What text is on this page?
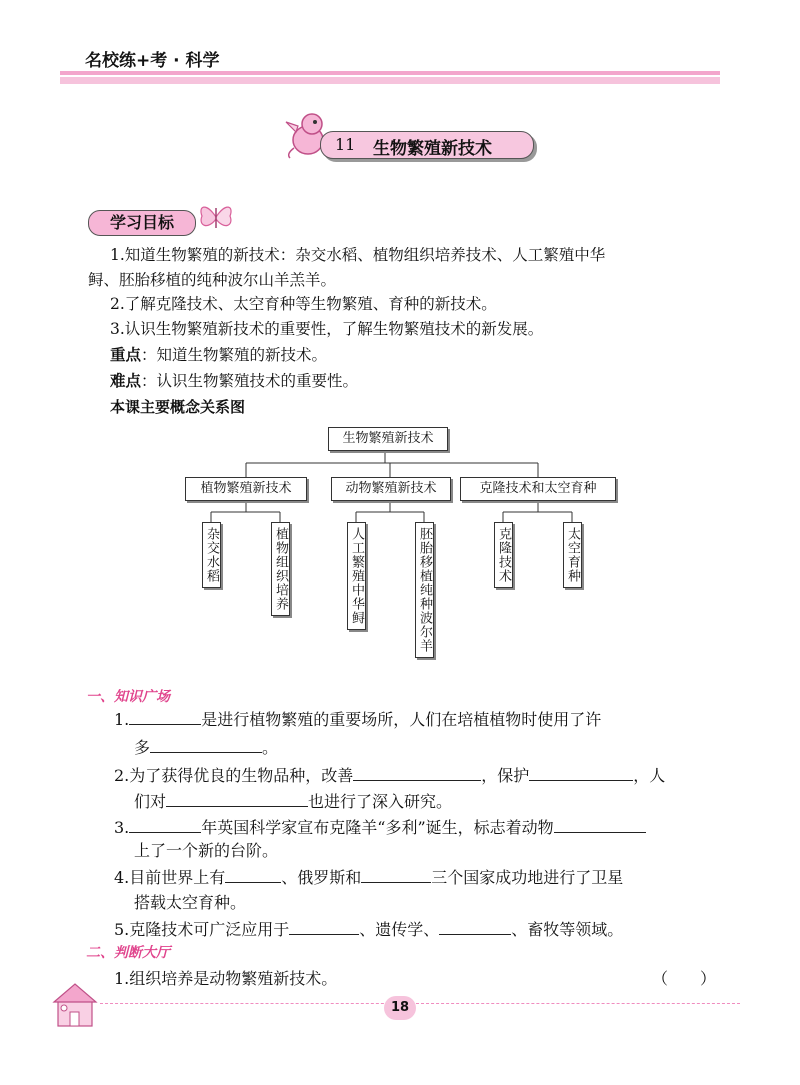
名校练+考 · 科学
11 生物繁殖新技术
学习目标
1.知道生物繁殖的新技术：杂交水稻、植物组织培养技术、人工繁殖中华
鲟、胚胎移植的纯种波尔山羊羔羊。
2.了解克隆技术、太空育种等生物繁殖、育种的新技术。
3.认识生物繁殖新技术的重要性，了解生物繁殖技术的新发展。
重点：知道生物繁殖的新技术。
难点：认识生物繁殖技术的重要性。
本课主要概念关系图
生物繁殖新技术
植物繁殖新技术	动物繁殖新技术	克隆技术和太空育种
杂交水稻	植物组织培养	人工繁殖中华鲟	胚胎移植纯种波尔羊	克隆技术	太空育种
一、知识广场
1.	是进行植物繁殖的重要场所，人们在培植植物时使用了许
多	。
2.为了获得优良的生物品种，改善	，保护	，人
们对	也进行了深入研究。
3.	年英国科学家宣布克隆羊“多利”诞生，标志着动物
上了一个新的台阶。
4.目前世界上有	、俄罗斯和	三个国家成功地进行了卫星
搭载太空育种。
5.克隆技术可广泛应用于	、遗传学、	、畜牧等领域。
二、判断大厅
1.组织培养是动物繁殖新技术。	（　　）
18
